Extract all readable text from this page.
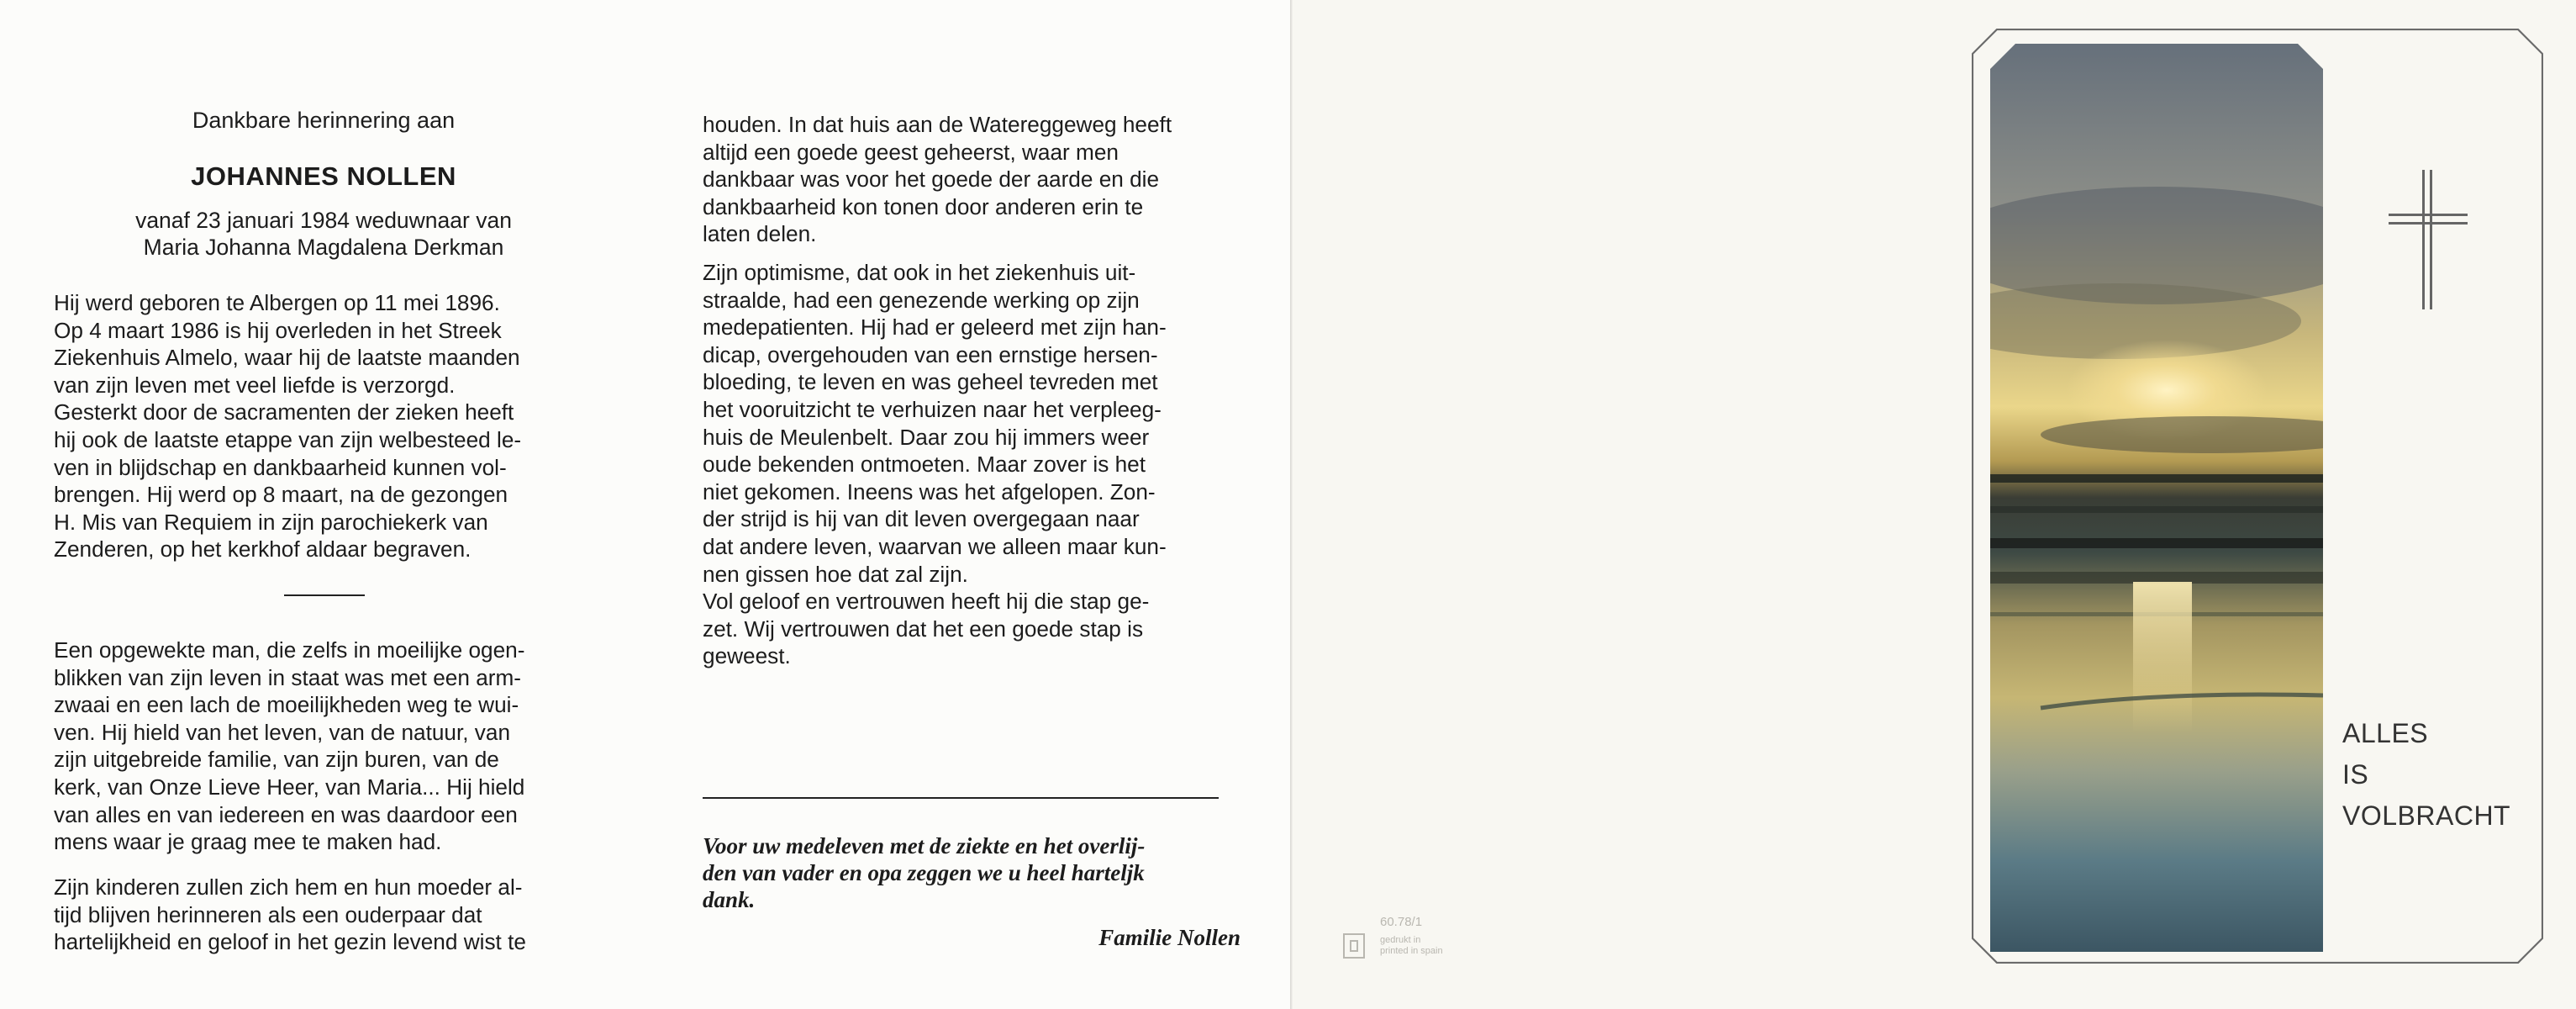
Dankbare herinnering aan
JOHANNES NOLLEN
vanaf 23 januari 1984 weduwnaar van
Maria Johanna Magdalena Derkman
Hij werd geboren te Albergen op 11 mei 1896.
Op 4 maart 1986 is hij overleden in het Streek
Ziekenhuis Almelo, waar hij de laatste maanden
van zijn leven met veel liefde is verzorgd.
Gesterkt door de sacramenten der zieken heeft
hij ook de laatste etappe van zijn welbesteed le-
ven in blijdschap en dankbaarheid kunnen vol-
brengen. Hij werd op 8 maart, na de gezongen
H. Mis van Requiem in zijn parochiekerk van
Zenderen, op het kerkhof aldaar begraven.
Een opgewekte man, die zelfs in moeilijke ogen-
blikken van zijn leven in staat was met een arm-
zwaai en een lach de moeilijkheden weg te wui-
ven. Hij hield van het leven, van de natuur, van
zijn uitgebreide familie, van zijn buren, van de
kerk, van Onze Lieve Heer, van Maria... Hij hield
van alles en van iedereen en was daardoor een
mens waar je graag mee te maken had.
Zijn kinderen zullen zich hem en hun moeder al-
tijd blijven herinneren als een ouderpaar dat
hartelijkheid en geloof in het gezin levend wist te
houden. In dat huis aan de Watereggeweg heeft
altijd een goede geest geheerst, waar men
dankbaar was voor het goede der aarde en die
dankbaarheid kon tonen door anderen erin te
laten delen.
Zijn optimisme, dat ook in het ziekenhuis uit-
straalde, had een genezende werking op zijn
medepatienten. Hij had er geleerd met zijn han-
dicap, overgehouden van een ernstige hersen-
bloeding, te leven en was geheel tevreden met
het vooruitzicht te verhuizen naar het verpleeg-
huis de Meulenbelt. Daar zou hij immers weer
oude bekenden ontmoeten. Maar zover is het
niet gekomen. Ineens was het afgelopen. Zon-
der strijd is hij van dit leven overgegaan naar
dat andere leven, waarvan we alleen maar kun-
nen gissen hoe dat zal zijn.
Vol geloof en vertrouwen heeft hij die stap ge-
zet. Wij vertrouwen dat het een goede stap is
geweest.
Voor uw medeleven met de ziekte en het overlij-
den van vader en opa zeggen we u heel harteljk
dank.
Familie Nollen
ALLES
IS
VOLBRACHT
60.78/1
gedrukt in
printed in spain
